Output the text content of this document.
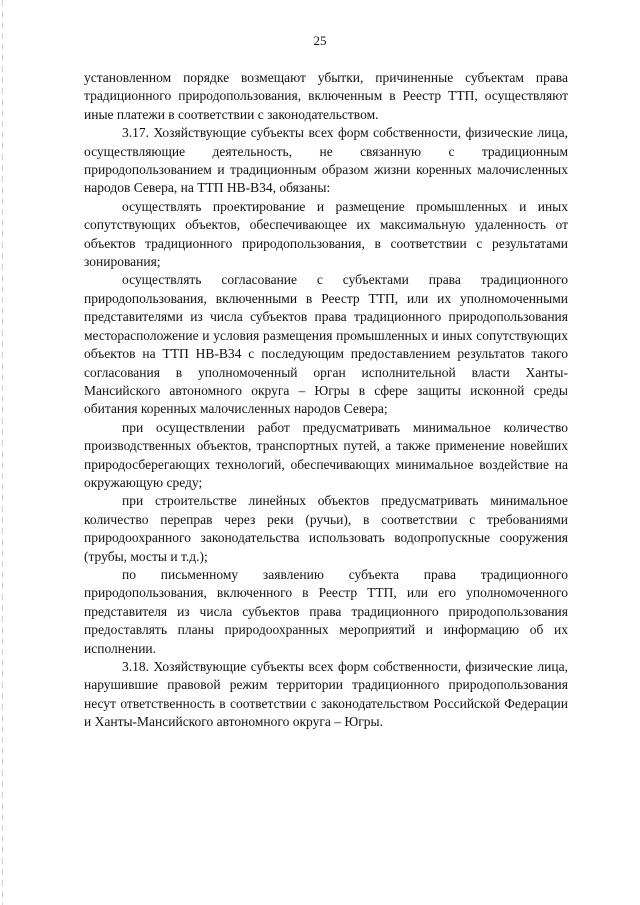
25

установленном порядке возмещают убытки, причиненные субъектам права традиционного природопользования, включенным в Реестр ТТП, осуществляют иные платежи в соответствии с законодательством.

3.17. Хозяйствующие субъекты всех форм собственности, физические лица, осуществляющие деятельность, не связанную с традиционным природопользованием и традиционным образом жизни коренных малочисленных народов Севера, на ТТП НВ-В34, обязаны:

осуществлять проектирование и размещение промышленных и иных сопутствующих объектов, обеспечивающее их максимальную удаленность от объектов традиционного природопользования, в соответствии с результатами зонирования;

осуществлять согласование с субъектами права традиционного природопользования, включенными в Реестр ТТП, или их уполномоченными представителями из числа субъектов права традиционного природопользования месторасположение и условия размещения промышленных и иных сопутствующих объектов на ТТП НВ-В34 с последующим предоставлением результатов такого согласования в уполномоченный орган исполнительной власти Ханты-Мансийского автономного округа – Югры в сфере защиты исконной среды обитания коренных малочисленных народов Севера;

при осуществлении работ предусматривать минимальное количество производственных объектов, транспортных путей, а также применение новейших природосберегающих технологий, обеспечивающих минимальное воздействие на окружающую среду;

при строительстве линейных объектов предусматривать минимальное количество переправ через реки (ручьи), в соответствии с требованиями природоохранного законодательства использовать водопропускные сооружения (трубы, мосты и т.д.);

по письменному заявлению субъекта права традиционного природопользования, включенного в Реестр ТТП, или его уполномоченного представителя из числа субъектов права традиционного природопользования предоставлять планы природоохранных мероприятий и информацию об их исполнении.

3.18. Хозяйствующие субъекты всех форм собственности, физические лица, нарушившие правовой режим территории традиционного природопользования несут ответственность в соответствии с законодательством Российской Федерации и Ханты-Мансийского автономного округа – Югры.
